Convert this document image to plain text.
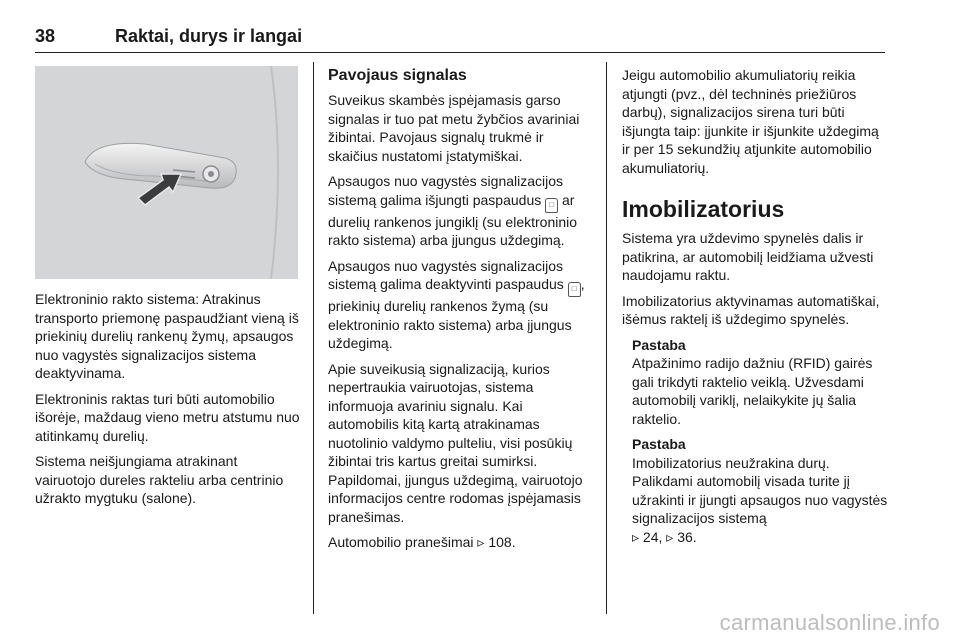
38	Raktai, durys ir langai

Elektroninio rakto sistema: Atrakinus transporto priemonę paspaudžiant vieną iš priekinių durelių rankenų žymų, apsaugos nuo vagystės signalizacijos sistema deaktyvinama.

Elektroninis raktas turi būti automobilio išorėje, maždaug vieno metru atstumu nuo atitinkamų durelių.

Sistema neišjungiama atrakinant vairuotojo dureles rakteliu arba centrinio užrakto mygtuku (salone).

Pavojaus signalas

Suveikus skambės įspėjamasis garso signalas ir tuo pat metu žybčios avariniai žibintai. Pavojaus signalų trukmė ir skaičius nustatomi įstatymiškai.

Apsaugos nuo vagystės signalizacijos sistemą galima išjungti paspaudus □ ar durelių rankenos jungiklį (su elektroninio rakto sistema) arba įjungus uždegimą.

Apsaugos nuo vagystės signalizacijos sistemą galima deaktyvinti paspaudus □ , priekinių durelių rankenos žymą (su elektroninio rakto sistema) arba įjungus uždegimą.

Apie suveikusią signalizaciją, kurios nepertraukia vairuotojas, sistema informuoja avariniu signalu. Kai automobilis kitą kartą atrakinamas nuotolinio valdymo pulteliu, visi posūkių žibintai tris kartus greitai sumirksi. Papildomai, įjungus uždegimą, vairuotojo informacijos centre rodomas įspėjamasis pranešimas.

Automobilio pranešimai ▹ 108.

Jeigu automobilio akumuliatorių reikia atjungti (pvz., dėl techninės priežiūros darbų), signalizacijos sirena turi būti išjungta taip: įjunkite ir išjunkite uždegimą ir per 15 sekundžių atjunkite automobilio akumuliatorių.

Imobilizatorius

Sistema yra uždevimo spynelės dalis ir patikrina, ar automobilį leidžiama užvesti naudojamu raktu.

Imobilizatorius aktyvinamas automatiškai, išėmus raktelį iš uždegimo spynelės.

Pastaba
Atpažinimo radijo dažniu (RFID) gairės gali trikdyti raktelio veiklą. Užvesdami automobilį variklį, nelaikykite jų šalia raktelio.

Pastaba
Imobilizatorius neužrakina durų. Palikdami automobilį visada turite jį užrakinti ir įjungti apsaugos nuo vagystės signalizacijos sistemą
▹ 24, ▹ 36.

carmanualsonline.info
